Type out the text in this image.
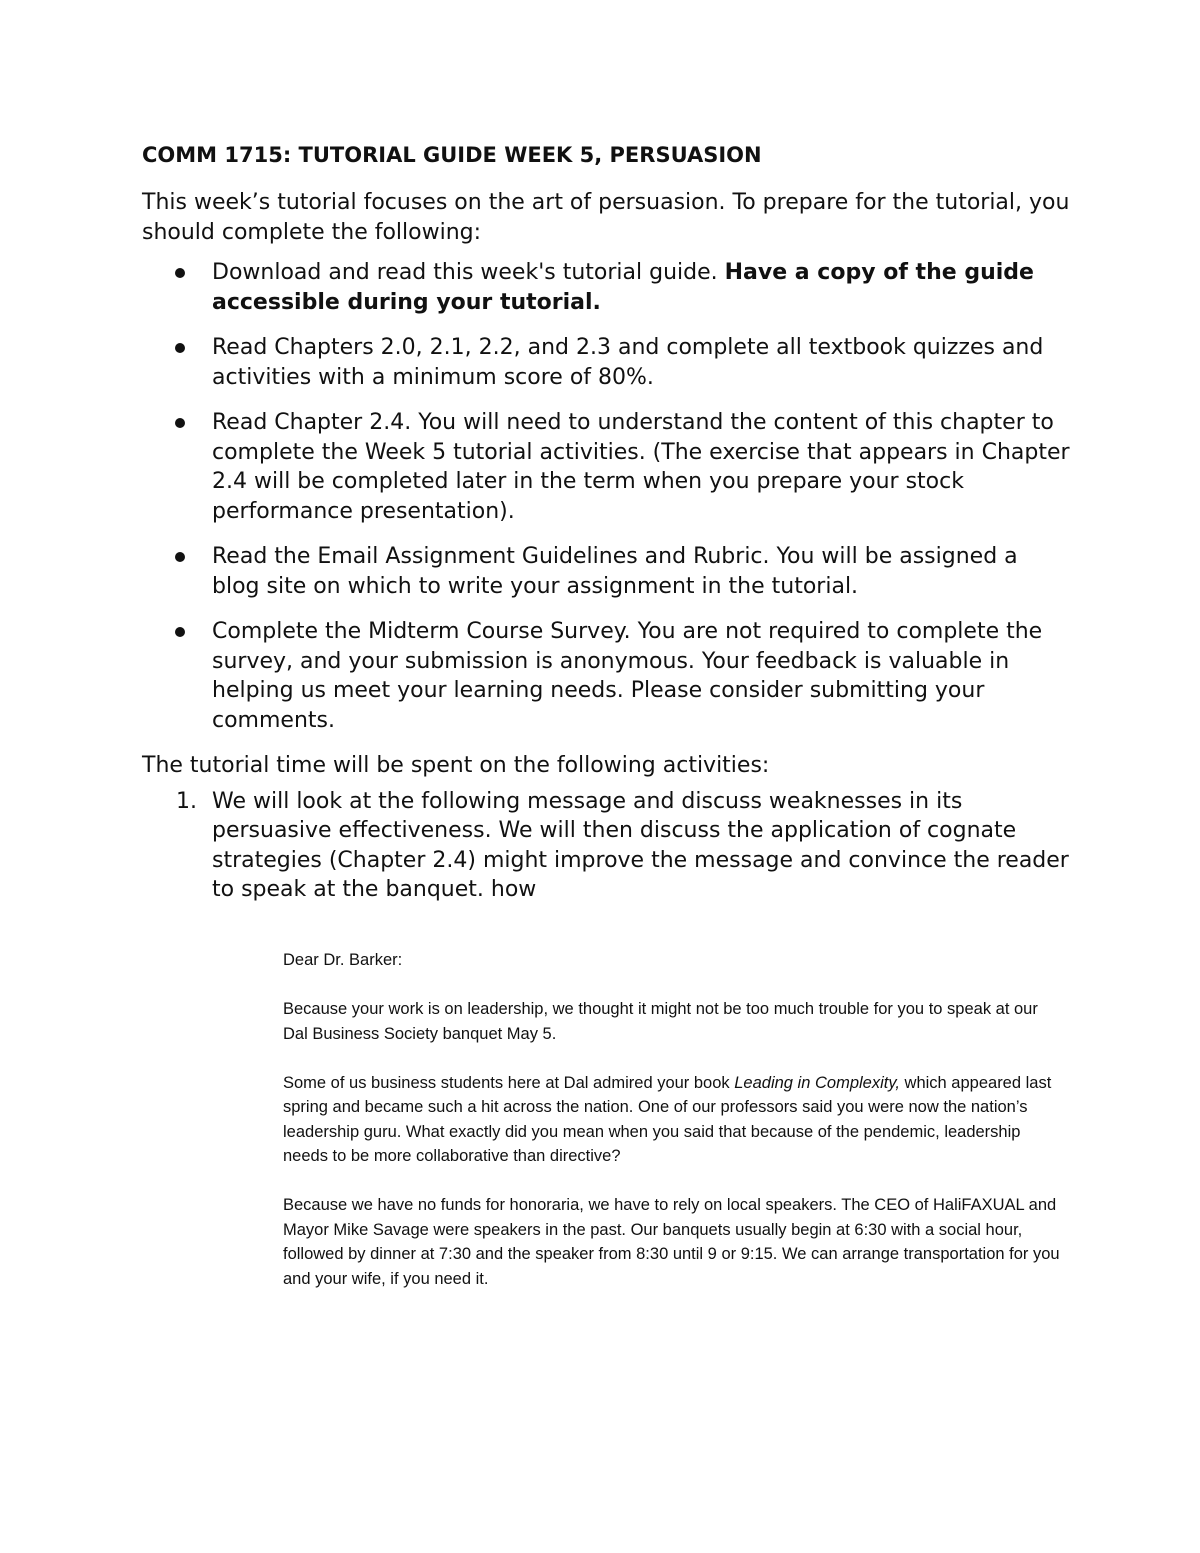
COMM 1715: TUTORIAL GUIDE WEEK 5, PERSUASION
This week’s tutorial focuses on the art of persuasion. To prepare for the tutorial, you should complete the following:
Download and read this week's tutorial guide. Have a copy of the guide accessible during your tutorial.
Read Chapters 2.0, 2.1, 2.2, and 2.3 and complete all textbook quizzes and activities with a minimum score of 80%.
Read Chapter 2.4. You will need to understand the content of this chapter to complete the Week 5 tutorial activities. (The exercise that appears in Chapter 2.4 will be completed later in the term when you prepare your stock performance presentation).
Read the Email Assignment Guidelines and Rubric. You will be assigned a blog site on which to write your assignment in the tutorial.
Complete the Midterm Course Survey. You are not required to complete the survey, and your submission is anonymous. Your feedback is valuable in helping us meet your learning needs. Please consider submitting your comments.
The tutorial time will be spent on the following activities:
1. We will look at the following message and discuss weaknesses in its persuasive effectiveness. We will then discuss the application of cognate strategies (Chapter 2.4) might improve the message and convince the reader to speak at the banquet. how

Dear Dr. Barker:

Because your work is on leadership, we thought it might not be too much trouble for you to speak at our Dal Business Society banquet May 5.

Some of us business students here at Dal admired your book Leading in Complexity, which appeared last spring and became such a hit across the nation. One of our professors said you were now the nation’s leadership guru. What exactly did you mean when you said that because of the pendemic, leadership needs to be more collaborative than directive?

Because we have no funds for honoraria, we have to rely on local speakers. The CEO of HaliFAXUAL and Mayor Mike Savage were speakers in the past. Our banquets usually begin at 6:30 with a social hour, followed by dinner at 7:30 and the speaker from 8:30 until 9 or 9:15. We can arrange transportation for you and your wife, if you need it.
